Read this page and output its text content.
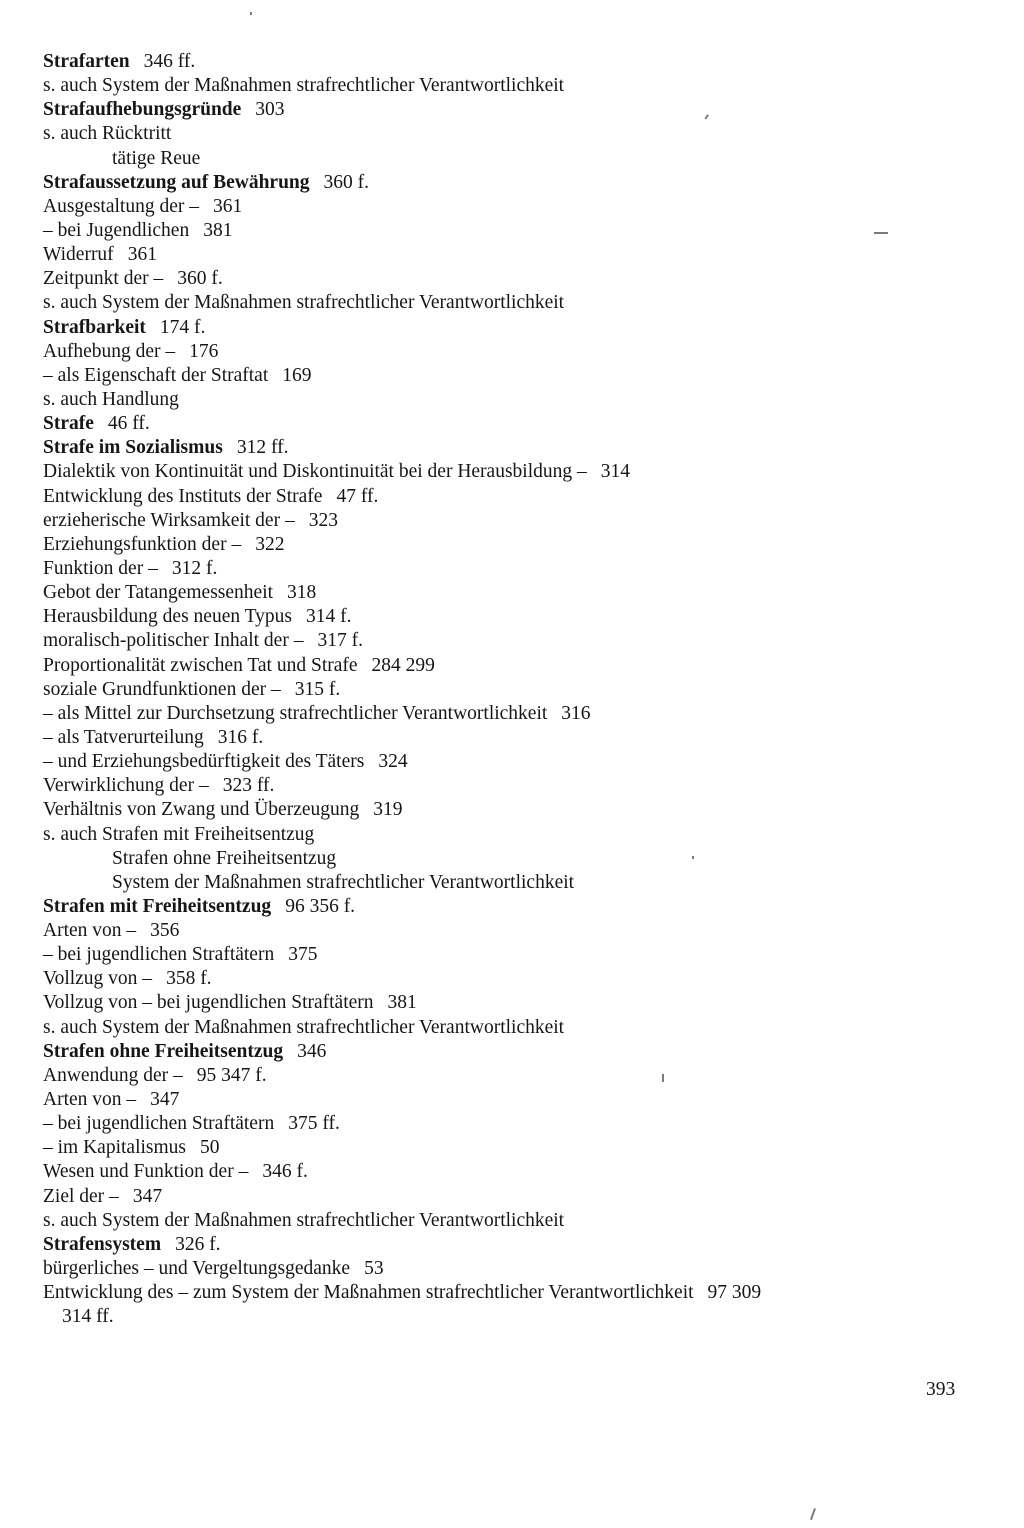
Strafarten 346 ff.
s. auch System der Maßnahmen strafrechtlicher Verantwortlichkeit
Strafaufhebungsgründe 303
s. auch Rücktritt
tätige Reue
Strafaussetzung auf Bewährung 360 f.
Ausgestaltung der – 361
– bei Jugendlichen 381
Widerruf 361
Zeitpunkt der – 360 f.
s. auch System der Maßnahmen strafrechtlicher Verantwortlichkeit
Strafbarkeit 174 f.
Aufhebung der – 176
– als Eigenschaft der Straftat 169
s. auch Handlung
Strafe 46 ff.
Strafe im Sozialismus 312 ff.
Dialektik von Kontinuität und Diskontinuität bei der Herausbildung – 314
Entwicklung des Instituts der Strafe 47 ff.
erzieherische Wirksamkeit der – 323
Erziehungsfunktion der – 322
Funktion der – 312 f.
Gebot der Tatangemessenheit 318
Herausbildung des neuen Typus 314 f.
moralisch-politischer Inhalt der – 317 f.
Proportionalität zwischen Tat und Strafe 284 299
soziale Grundfunktionen der – 315 f.
– als Mittel zur Durchsetzung strafrechtlicher Verantwortlichkeit 316
– als Tatverurteilung 316 f.
– und Erziehungsbedürftigkeit des Täters 324
Verwirklichung der – 323 ff.
Verhältnis von Zwang und Überzeugung 319
s. auch Strafen mit Freiheitsentzug
Strafen ohne Freiheitsentzug
System der Maßnahmen strafrechtlicher Verantwortlichkeit
Strafen mit Freiheitsentzug 96 356 f.
Arten von – 356
– bei jugendlichen Straftätern 375
Vollzug von – 358 f.
Vollzug von – bei jugendlichen Straftätern 381
s. auch System der Maßnahmen strafrechtlicher Verantwortlichkeit
Strafen ohne Freiheitsentzug 346
Anwendung der – 95 347 f.
Arten von – 347
– bei jugendlichen Straftätern 375 ff.
– im Kapitalismus 50
Wesen und Funktion der – 346 f.
Ziel der – 347
s. auch System der Maßnahmen strafrechtlicher Verantwortlichkeit
Strafensystem 326 f.
bürgerliches – und Vergeltungsgedanke 53
Entwicklung des – zum System der Maßnahmen strafrechtlicher Verantwortlichkeit 97 309
314 ff.
393
